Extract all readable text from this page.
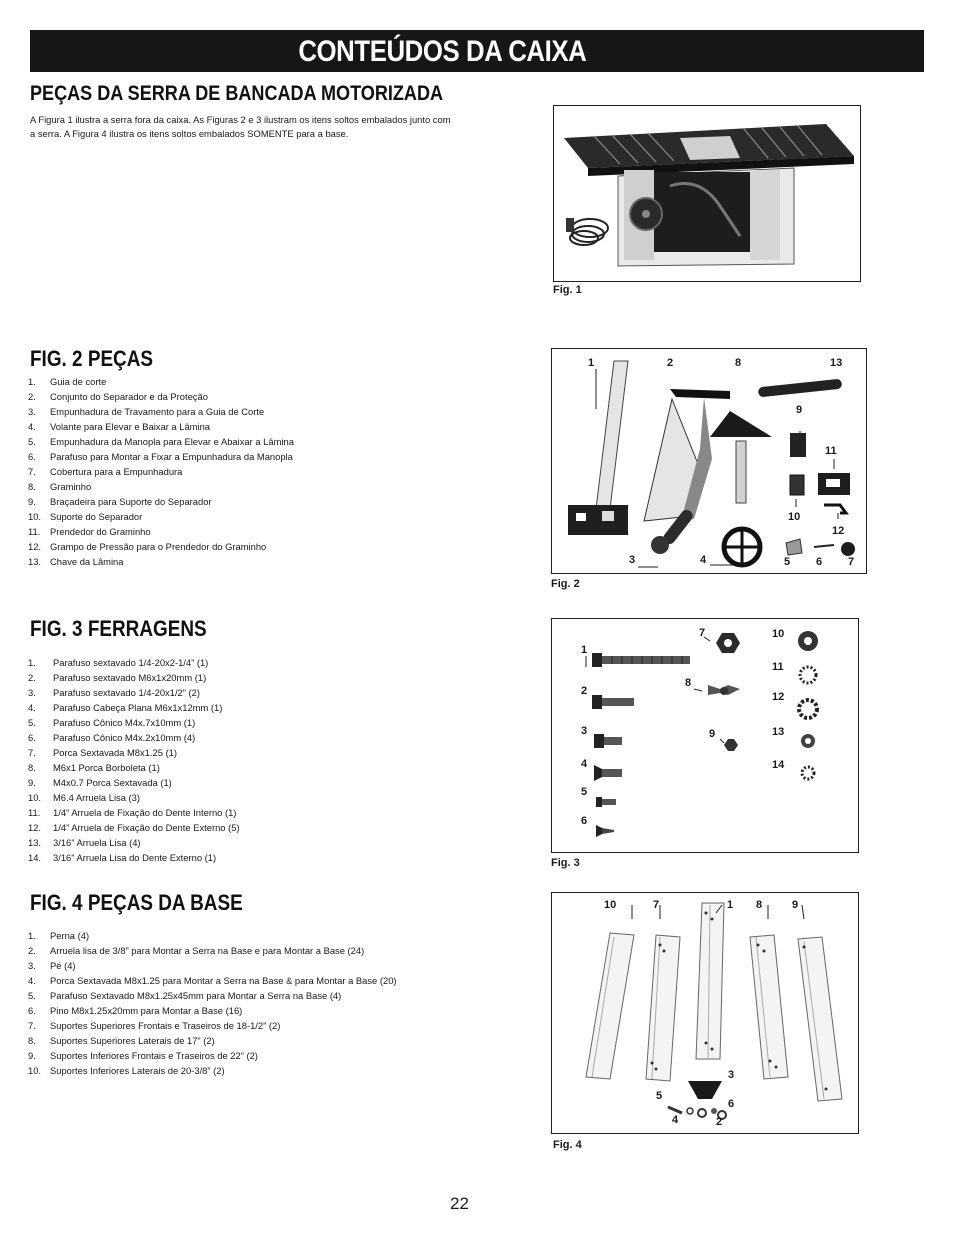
CONTEÚDOS DA CAIXA
PEÇAS DA SERRA DE BANCADA MOTORIZADA
A Figura 1 ilustra a serra fora da caixa. As Figuras 2 e 3 ilustram os itens soltos embalados junto com
a serra. A Figura 4 ilustra os itens soltos embalados SOMENTE para a base.

Fig. 1

FIG. 2 PEÇAS
1. Guia de corte
2. Conjunto do Separador e da Proteção
3. Empunhadura de Travamento para a Guia de Corte
4. Volante para Elevar e Baixar a Lâmina
5. Empunhadura da Manopla para Elevar e Abaixar a Lâmina
6. Parafuso para Montar a Fixar a Empunhadura da Manopla
7. Cobertura para a Empunhadura
8. Graminho
9. Braçadeira para Suporte do Separador
10. Suporte do Separador
11. Prendedor do Graminho
12. Grampo de Pressão para o Prendedor do Graminho
13. Chave da Lâmina
1	2	8	13
9
11
10
12
3	4	5 6 7

Fig. 2

FIG. 3 FERRAGENS
1. Parafuso sextavado 1/4-20x2-1/4” (1)
2. Parafuso sextavado M6x1x20mm (1)
3. Parafuso sextavado 1/4-20x1/2” (2)
4. Parafuso Cabeça Plana M6x1x12mm (1)
5. Parafuso Cônico M4x.7x10mm (1)
6. Parafuso Cônico M4x.2x10mm (4)
7. Porca Sextavada M8x1.25 (1)
8. M6x1 Porca Borboleta (1)
9. M4x0.7 Porca Sextavada (1)
10. M6.4 Arruela Lisa (3)
11. 1/4” Arruela de Fixação do Dente Interno (1)
12. 1/4” Arruela de Fixação do Dente Externo (5)
13. 3/16” Arruela Lisa (4)
14. 3/16” Arruela Lisa do Dente Externo (1)
1
2
3
4
5
6
7
8
9
10
11
12
13
14

Fig. 3

FIG. 4 PEÇAS DA BASE
1. Perna (4)
2. Arruela lisa de 3/8” para Montar a Serra na Base e para Montar a Base (24)
3. Pé (4)
4. Porca Sextavada M8x1.25 para Montar a Serra na Base & para Montar a Base (20)
5. Parafuso Sextavado M8x1.25x45mm para Montar a Serra na Base (4)
6. Pino M8x1.25x20mm para Montar a Base (16)
7. Suportes Superiores Frontais e Traseiros de 18-1/2” (2)
8. Suportes Superiores Laterais de 17” (2)
9. Suportes Inferiores Frontais e Traseiros de 22” (2)
10. Suportes Inferiores Laterais de 20-3/8” (2)
10	7	1 8	9
3
5
6
4	2

Fig. 4

22
